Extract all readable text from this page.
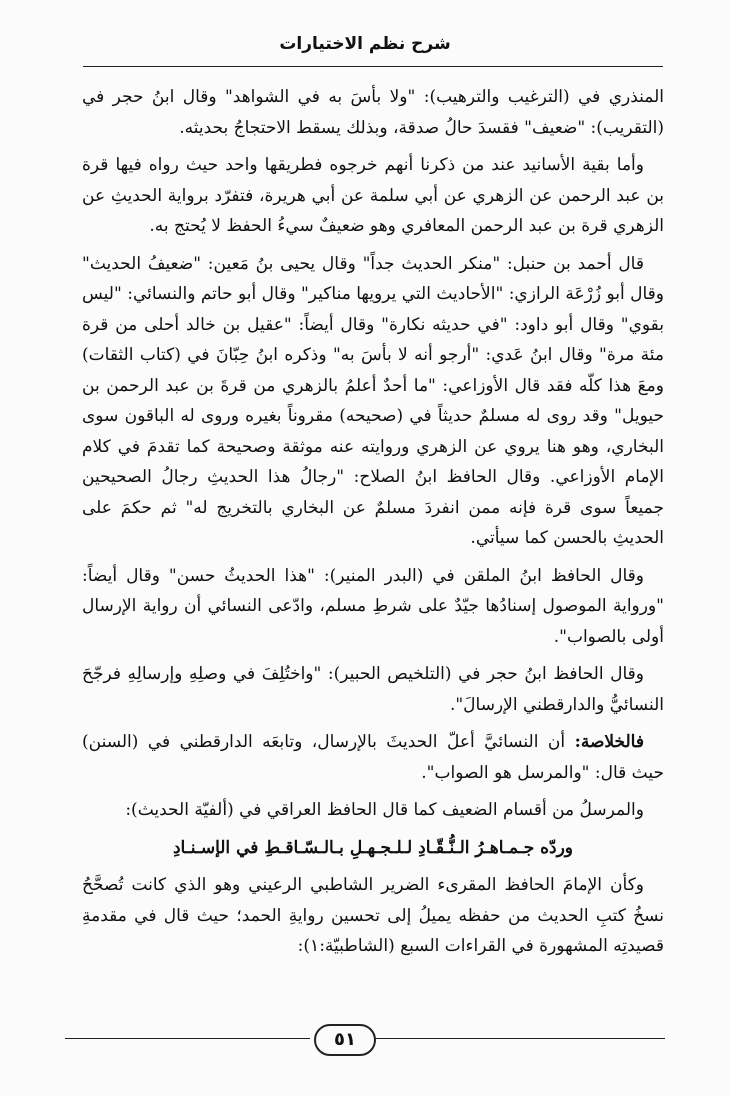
شرح نظم الاختيارات

المنذري في (الترغيب والترهيب): "ولا بأسَ به في الشواهد" وقال ابنُ حجر في (التقريب): "ضعيف" فقسدَ حالُ صدقة، وبذلك يسقط الاحتجاجُ بحديثه.

وأما بقية الأسانيد عند من ذكرنا أنهم خرجوه فطريقها واحد حيث رواه فيها قرة بن عبد الرحمن عن الزهري عن أبي سلمة عن أبي هريرة، فتفرّد برواية الحديثِ عن الزهري قرة بن عبد الرحمن المعافري وهو ضعيفٌ سيءُ الحفظ لا يُحتج به.

قال أحمد بن حنبل: "منكر الحديث جداً" وقال يحيى بنُ مَعين: "ضعيفُ الحديث" وقال أبو زُرْعَة الرازي: "الأحاديث التي يرويها مناكير" وقال أبو حاتم والنسائي: "ليس بقوي" وقال أبو داود: "في حديثه نكارة" وقال أيضاً: "عقيل بن خالد أحلى من قرة مئة مرة" وقال ابنُ عَدي: "أرجو أنه لا بأسَ به" وذكره ابنُ حِبّانَ في (كتاب الثقات) ومعَ هذا كلّه فقد قال الأوزاعي: "ما أحدٌ أعلمُ بالزهري من قرةَ بن عبد الرحمن بن حيويل" وقد روى له مسلمٌ حديثاً في (صحيحه) مقروناً بغيره وروى له الباقون سوى البخاري، وهو هنا يروي عن الزهري وروايته عنه موثقة وصحيحة كما تقدمَ في كلام الإمام الأوزاعي. وقال الحافظ ابنُ الصلاح: "رجالُ هذا الحديثِ رجالُ الصحيحين جميعاً سوى قرة فإنه ممن انفردَ مسلمٌ عن البخاري بالتخريج له" ثم حكمَ على الحديثِ بالحسن كما سيأتي.

وقال الحافظ ابنُ الملقن في (البدر المنير): "هذا الحديثُ حسن" وقال أيضاً: "ورواية الموصول إسنادُها جيّدٌ على شرطِ مسلم، وادّعى النسائي أن رواية الإرسال أولى بالصواب".

وقال الحافظ ابنُ حجر في (التلخيص الحبير): "واختُلِفَ في وصلِهِ وإرسالِهِ فرجّحَ النسائيُّ والدارقطني الإرسالَ".

فالخلاصة: أن النسائيَّ أعلّ الحديثَ بالإرسال، وتابعَه الدارقطني في (السنن) حيث قال: "والمرسل هو الصواب".

والمرسلُ من أقسام الضعيف كما قال الحافظ العراقي في (ألفيّة الحديث):

وردّه جـمـاهـرُ الـنُّـقّـادِ لـلـجـهـلِ بـالـسّـاقـطِ في الإسـنـادِ

وكأن الإمامَ الحافظ المقرىء الضرير الشاطبي الرعيني وهو الذي كانت تُصحَّحُ نسخُ كتبِ الحديث من حفظه يميلُ إلى تحسين روايةِ الحمد؛ حيث قال في مقدمةِ قصيدتِه المشهورة في القراءات السبع (الشاطبيّة:١):

٥١
